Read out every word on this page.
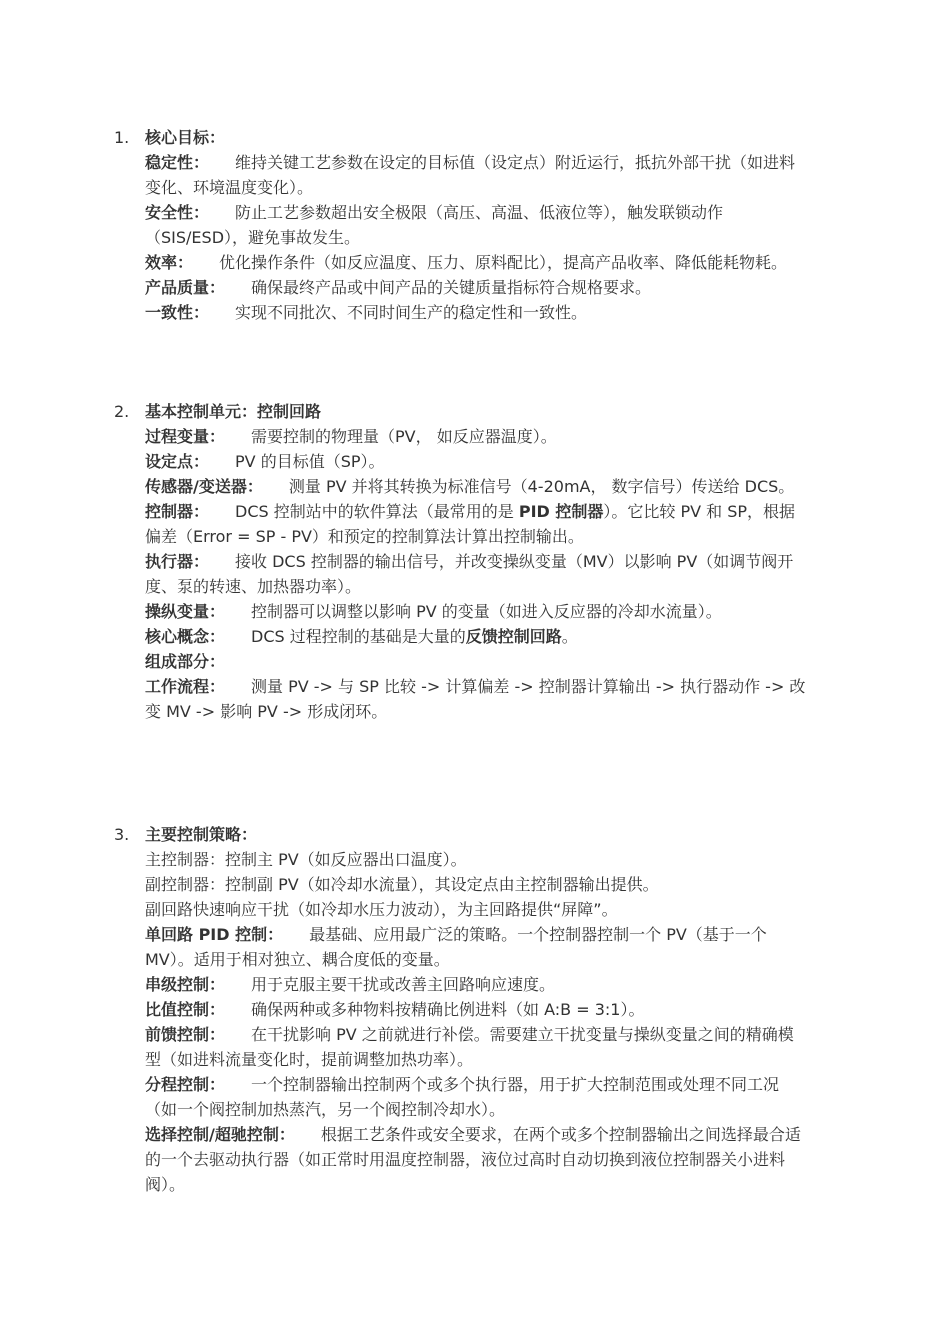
1. 核心目标：

稳定性： 维持关键工艺参数在设定的目标值（设定点）附近运行，抵抗外部干扰（如进料变化、环境温度变化）。

安全性： 防止工艺参数超出安全极限（高压、高温、低液位等），触发联锁动作（SIS/ESD），避免事故发生。

效率： 优化操作条件（如反应温度、压力、原料配比），提高产品收率、降低能耗物耗。

产品质量： 确保最终产品或中间产品的关键质量指标符合规格要求。

一致性： 实现不同批次、不同时间生产的稳定性和一致性。

2. 基本控制单元：控制回路

过程变量： 需要控制的物理量（PV， 如反应器温度）。

设定点： PV 的目标值（SP）。

传感器/变送器： 测量 PV 并将其转换为标准信号（4-20mA， 数字信号）传送给 DCS。

控制器： DCS 控制站中的软件算法（最常用的是 PID 控制器）。它比较 PV 和 SP，根据偏差（Error = SP - PV）和预定的控制算法计算出控制输出。

执行器： 接收 DCS 控制器的输出信号，并改变操纵变量（MV）以影响 PV（如调节阀开度、泵的转速、加热器功率）。

操纵变量： 控制器可以调整以影响 PV 的变量（如进入反应器的冷却水流量）。

核心概念： DCS 过程控制的基础是大量的反馈控制回路。

组成部分：

工作流程： 测量 PV -> 与 SP 比较 -> 计算偏差 -> 控制器计算输出 -> 执行器动作 -> 改变 MV -> 影响 PV -> 形成闭环。

3. 主要控制策略：

主控制器：控制主 PV（如反应器出口温度）。

副控制器：控制副 PV（如冷却水流量），其设定点由主控制器输出提供。

副回路快速响应干扰（如冷却水压力波动），为主回路提供“屏障”。

单回路 PID 控制： 最基础、应用最广泛的策略。一个控制器控制一个 PV（基于一个 MV）。适用于相对独立、耦合度低的变量。

串级控制： 用于克服主要干扰或改善主回路响应速度。

比值控制： 确保两种或多种物料按精确比例进料（如 A:B = 3:1）。

前馈控制： 在干扰影响 PV 之前就进行补偿。需要建立干扰变量与操纵变量之间的精确模型（如进料流量变化时，提前调整加热功率）。

分程控制： 一个控制器输出控制两个或多个执行器，用于扩大控制范围或处理不同工况（如一个阀控制加热蒸汽，另一个阀控制冷却水）。

选择控制/超驰控制： 根据工艺条件或安全要求，在两个或多个控制器输出之间选择最合适的一个去驱动执行器（如正常时用温度控制器，液位过高时自动切换到液位控制器关小进料阀）。
